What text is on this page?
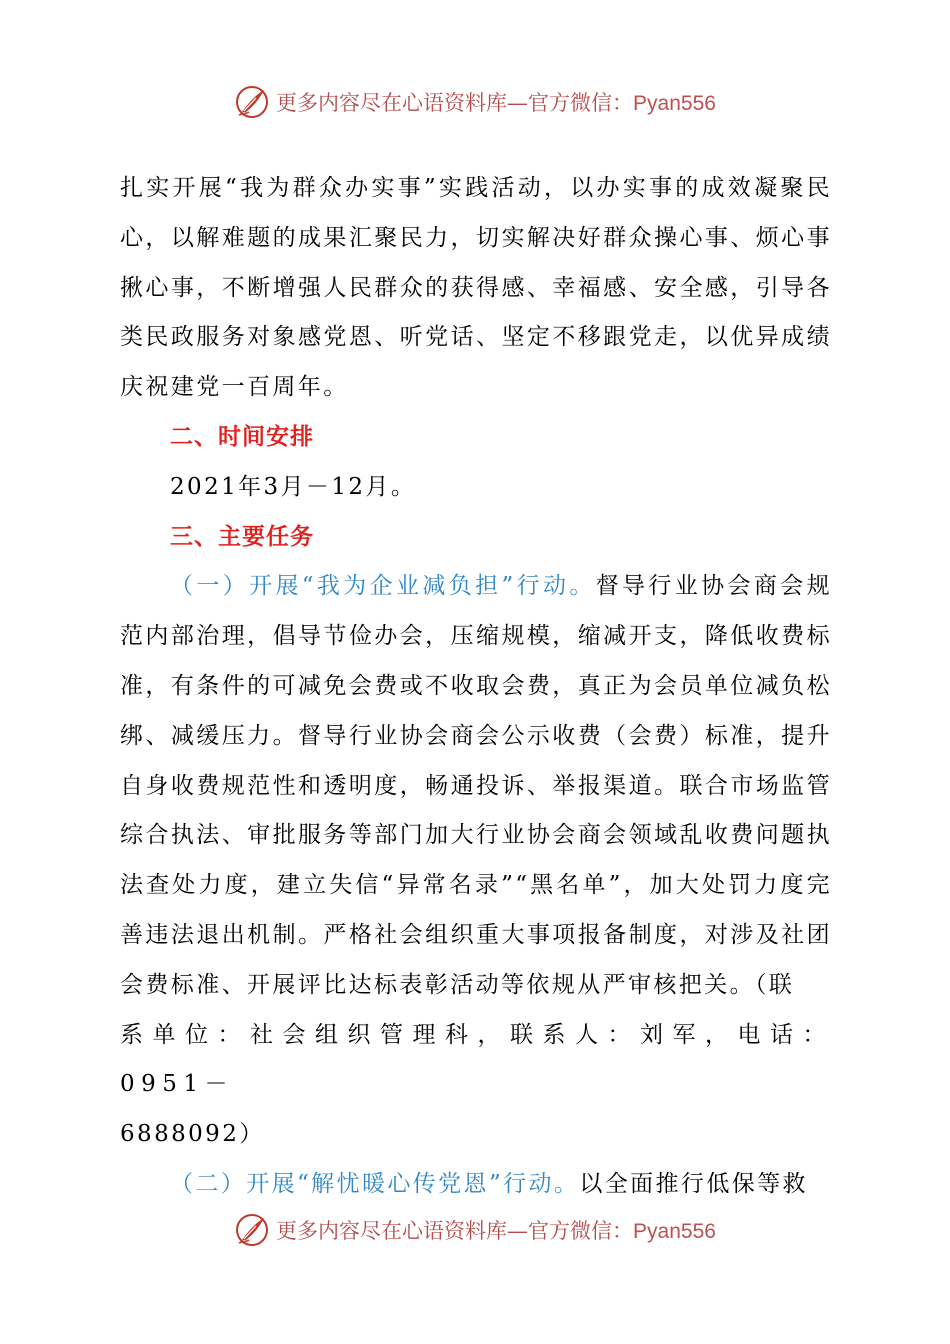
更多内容尽在心语资料库—官方微信：Pyan556

扎实开展“我为群众办实事”实践活动，以办实事的成效凝聚民心，以解难题的成果汇聚民力，切实解决好群众操心事、烦心事揪心事，不断增强人民群众的获得感、幸福感、安全感，引导各类民政服务对象感党恩、听党话、坚定不移跟党走，以优异成绩庆祝建党一百周年。

二、时间安排

2021年3月－12月。

三、主要任务

（一）开展“我为企业减负担”行动。督导行业协会商会规范内部治理，倡导节俭办会，压缩规模，缩减开支，降低收费标准，有条件的可减免会费或不收取会费，真正为会员单位减负松绑、减缓压力。督导行业协会商会公示收费（会费）标准，提升自身收费规范性和透明度，畅通投诉、举报渠道。联合市场监管综合执法、审批服务等部门加大行业协会商会领域乱收费问题执法查处力度，建立失信“异常名录”“黑名单”，加大处罚力度完善违法退出机制。严格社会组织重大事项报备制度，对涉及社团会费标准、开展评比达标表彰活动等依规从严审核把关。（联
系单位：社会组织管理科，联系人：刘军，电话：0951－
6888092）

（二）开展“解忧暖心传党恩”行动。以全面推行低保等救

更多内容尽在心语资料库—官方微信：Pyan556
